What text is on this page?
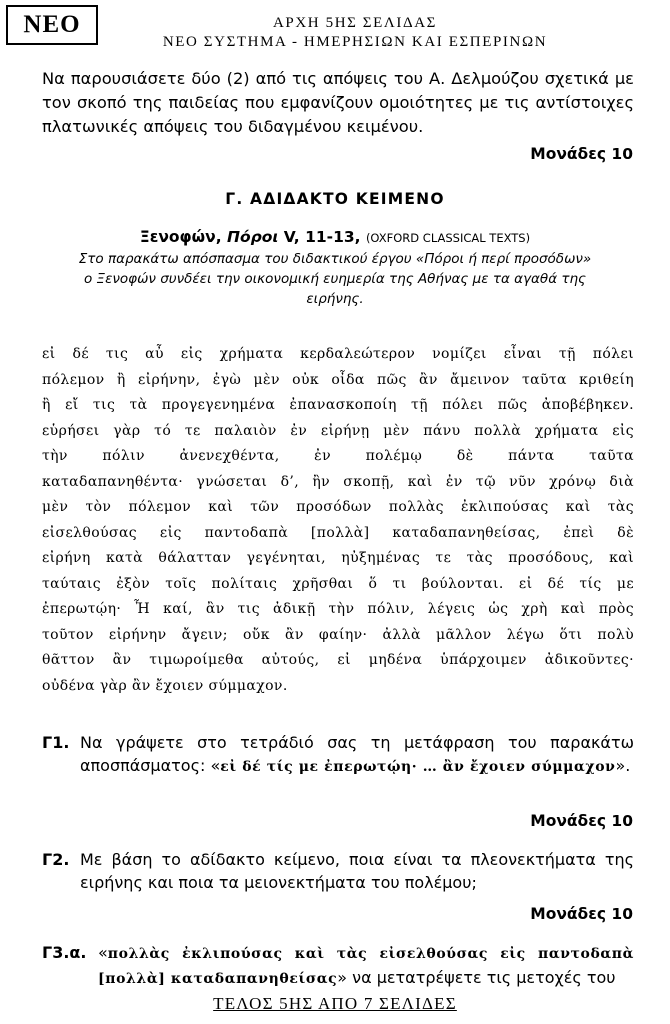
ΝΕΟ	ΑΡΧΗ 5ΗΣ ΣΕΛΙΔΑΣ
ΝΕΟ ΣΥΣΤΗΜΑ - ΗΜΕΡΗΣΙΩΝ ΚΑΙ ΕΣΠΕΡΙΝΩΝ
Να παρουσιάσετε δύο (2) από τις απόψεις του Α. Δελμούζου σχετικά με τον σκοπό της παιδείας που εμφανίζουν ομοιότητες με τις αντίστοιχες πλατωνικές απόψεις του διδαγμένου κειμένου.
Μονάδες 10
Γ. ΑΔΙΔΑΚΤΟ ΚΕΙΜΕΝΟ
Ξενοφών, Πόροι V, 11-13, (OXFORD CLASSICAL TEXTS)
Στο παρακάτω απόσπασμα του διδακτικού έργου «Πόροι ή περί προσόδων» ο Ξενοφών συνδέει την οικονομική ευημερία της Αθήνας με τα αγαθά της ειρήνης.
εἰ δέ τις αὖ εἰς χρήματα κερδαλεώτερον νομίζει εἶναι τῇ πόλει
πόλεμον ἢ εἰρήνην, ἐγὼ μὲν οὐκ οἶδα πῶς ἂν ἄμεινον ταῦτα κριθείη
ἢ εἴ τις τὰ προγεγενημένα ἐπανασκοποίη τῇ πόλει πῶς ἀποβέβηκεν.
εὑρήσει γὰρ τό τε παλαιὸν ἐν εἰρήνῃ μὲν πάνυ πολλὰ χρήματα εἰς
τὴν πόλιν ἀνενεχθέντα, ἐν πολέμῳ δὲ πάντα ταῦτα
καταδαπανηθέντα· γνώσεται δ’, ἢν σκοπῇ, καὶ ἐν τῷ νῦν χρόνῳ διὰ
μὲν τὸν πόλεμον καὶ τῶν προσόδων πολλὰς ἐκλιπούσας καὶ τὰς
εἰσελθούσας εἰς παντοδαπὰ [πολλὰ] καταδαπανηθείσας, ἐπεὶ δὲ
εἰρήνη κατὰ θάλατταν γεγένηται, ηὐξημένας τε τὰς προσόδους, καὶ
ταύταις ἐξὸν τοῖς πολίταις χρῆσθαι ὅ τι βούλονται. εἰ δέ τίς με
ἐπερωτῴη· Ἦ καί, ἂν τις ἀδικῇ τὴν πόλιν, λέγεις ὡς χρὴ καὶ πρὸς
τοῦτον εἰρήνην ἄγειν; οὔκ ἂν φαίην· ἀλλὰ μᾶλλον λέγω ὅτι πολὺ
θᾶττον ἂν τιμωροίμεθα αὐτούς, εἰ μηδένα ὑπάρχοιμεν ἀδικοῦντες·
οὐδένα γὰρ ἂν ἔχοιεν σύμμαχον.
Γ1. Να γράψετε στο τετράδιό σας τη μετάφραση του παρακάτω αποσπάσματος: «εἰ δέ τίς με ἐπερωτῴη· … ἂν ἔχοιεν σύμμαχον».
Μονάδες 10
Γ2. Με βάση το αδίδακτο κείμενο, ποια είναι τα πλεονεκτήματα της ειρήνης και ποια τα μειονεκτήματα του πολέμου;
Μονάδες 10
Γ3.α. «πολλὰς ἐκλιπούσας καὶ τὰς εἰσελθούσας εἰς παντοδαπὰ [πολλὰ] καταδαπανηθείσας» να μετατρέψετε τις μετοχές του
ΤΕΛΟΣ 5ΗΣ ΑΠΟ 7 ΣΕΛΙΔΕΣ
